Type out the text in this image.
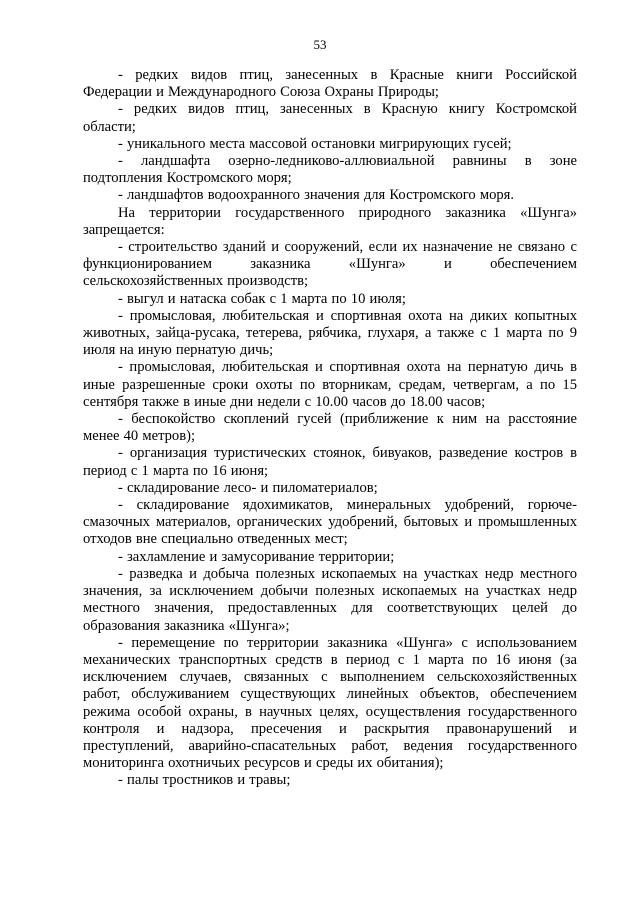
53

- редких видов птиц, занесенных в Красные книги Российской Федерации и Международного Союза Охраны Природы;

- редких видов птиц, занесенных в Красную книгу Костромской области;

- уникального места массовой остановки мигрирующих гусей;

- ландшафта озерно-ледниково-аллювиальной равнины в зоне подтопления Костромского моря;

- ландшафтов водоохранного значения для Костромского моря.

На территории государственного природного заказника «Шунга» запрещается:

- строительство зданий и сооружений, если их назначение не связано с функционированием заказника «Шунга» и обеспечением сельскохозяйственных производств;

- выгул и натаска собак с 1 марта по 10 июля;

- промысловая, любительская и спортивная охота на диких копытных животных, зайца-русака, тетерева, рябчика, глухаря, а также с 1 марта по 9 июля на иную пернатую дичь;

- промысловая, любительская и спортивная охота на пернатую дичь в иные разрешенные сроки охоты по вторникам, средам, четвергам, а по 15 сентября также в иные дни недели с 10.00 часов до 18.00 часов;

- беспокойство скоплений гусей (приближение к ним на расстояние менее 40 метров);

- организация туристических стоянок, бивуаков, разведение костров в период с 1 марта по 16 июня;

- складирование лесо- и пиломатериалов;

- складирование ядохимикатов, минеральных удобрений, горюче-смазочных материалов, органических удобрений, бытовых и промышленных отходов вне специально отведенных мест;

- захламление и замусоривание территории;

- разведка и добыча полезных ископаемых на участках недр местного значения, за исключением добычи полезных ископаемых на участках недр местного значения, предоставленных для соответствующих целей до образования заказника «Шунга»;

- перемещение по территории заказника «Шунга» с использованием механических транспортных средств в период с 1 марта по 16 июня (за исключением случаев, связанных с выполнением сельскохозяйственных работ, обслуживанием существующих линейных объектов, обеспечением режима особой охраны, в научных целях, осуществления государственного контроля и надзора, пресечения и раскрытия правонарушений и преступлений, аварийно-спасательных работ, ведения государственного мониторинга охотничьих ресурсов и среды их обитания);

- палы тростников и травы;
